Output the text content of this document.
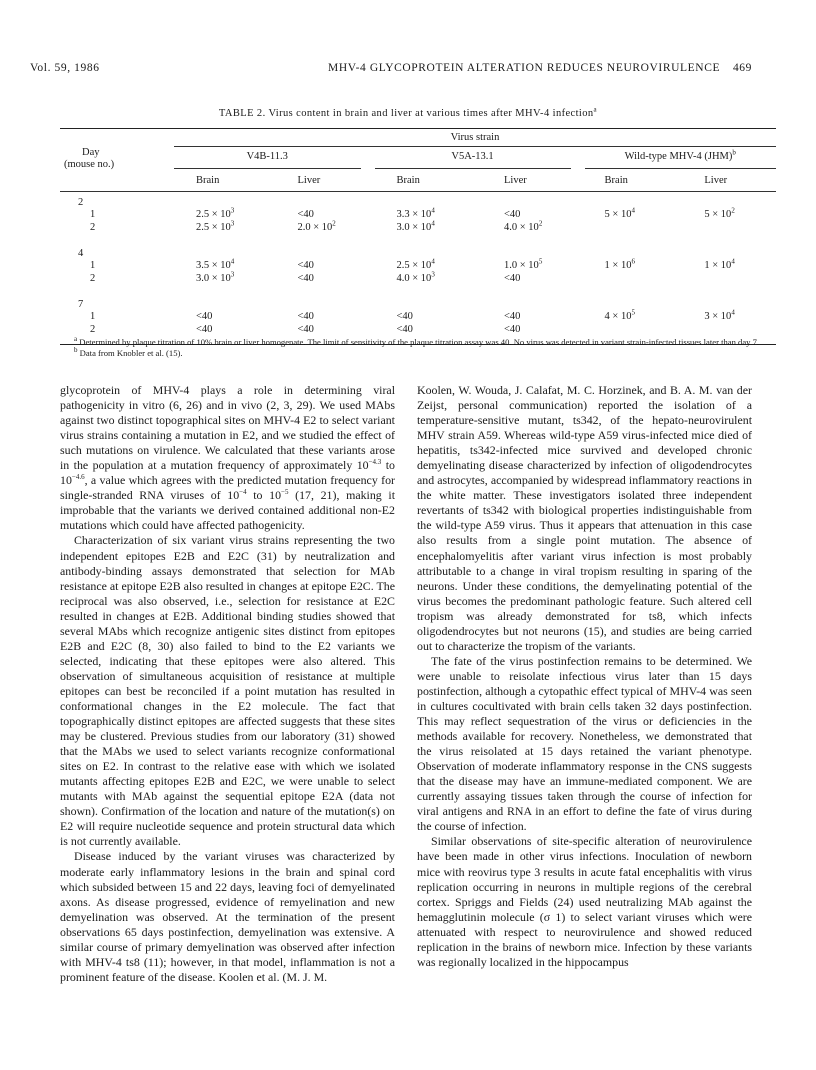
Vol. 59, 1986	MHV-4 GLYCOPROTEIN ALTERATION REDUCES NEUROVIRULENCE 469
TABLE 2. Virus content in brain and liver at various times after MHV-4 infection$^a$
	Virus strain					

Day
(mouse no.)	V4B-11.3		V5A-13.1		Wild-type MHV-4 (JHM)$^b$

	Brain	Liver	Brain	Liver	Brain	Liver
2						
1	$2.5 \times 10^3$	<40	$3.3 \times 10^4$	<40	$5 \times 10^4$	$5 \times 10^2$
2	$2.5 \times 10^3$	$2.0 \times 10^2$	$3.0 \times 10^4$	$4.0 \times 10^2$		
4						
1	$3.5 \times 10^4$	<40	$2.5 \times 10^4$	$1.0 \times 10^5$	$1 \times 10^6$	$1 \times 10^4$
2	$3.0 \times 10^3$	<40	$4.0 \times 10^3$	<40		
7						
1	<40	<40	<40	<40	$4 \times 10^5$	$3 \times 10^4$
2	<40	<40	<40	<40		

$^a$ Determined by plaque titration of 10% brain or liver homogenate. The limit of sensitivity of the plaque titration assay was 40. No virus was detected in variant strain-infected tissues later than day 7.
$^b$ Data from Knobler et al. (15).

glycoprotein of MHV-4 plays a role in determining viral pathogenicity in vitro (6, 26) and in vivo (2, 3, 29). We used MAbs against two distinct topographical sites on MHV-4 E2 to select variant virus strains containing a mutation in E2, and we studied the effect of such mutations on virulence. We calculated that these variants arose in the population at a mutation frequency of approximately $10^{-4.3}$ to $10^{-4.6}$, a value which agrees with the predicted mutation frequency for single-stranded RNA viruses of $10^{-4}$ to $10^{-5}$ (17, 21), making it improbable that the variants we derived contained additional non-E2 mutations which could have affected pathogenicity.

Characterization of six variant virus strains representing the two independent epitopes E2B and E2C (31) by neutralization and antibody-binding assays demonstrated that selection for MAb resistance at epitope E2B also resulted in changes at epitope E2C. The reciprocal was also observed, i.e., selection for resistance at E2C resulted in changes at E2B. Additional binding studies showed that several MAbs which recognize antigenic sites distinct from epitopes E2B and E2C (8, 30) also failed to bind to the E2 variants we selected, indicating that these epitopes were also altered. This observation of simultaneous acquisition of resistance at multiple epitopes can best be reconciled if a point mutation has resulted in conformational changes in the E2 molecule. The fact that topographically distinct epitopes are affected suggests that these sites may be clustered. Previous studies from our laboratory (31) showed that the MAbs we used to select variants recognize conformational sites on E2. In contrast to the relative ease with which we isolated mutants affecting epitopes E2B and E2C, we were unable to select mutants with MAb against the sequential epitope E2A (data not shown). Confirmation of the location and nature of the mutation(s) on E2 will require nucleotide sequence and protein structural data which is not currently available.

Disease induced by the variant viruses was characterized by moderate early inflammatory lesions in the brain and spinal cord which subsided between 15 and 22 days, leaving foci of demyelinated axons. As disease progressed, evidence of remyelination and new demyelination was observed. At the termination of the present observations 65 days postinfection, demyelination was extensive. A similar course of primary demyelination was observed after infection with MHV-4 ts8 (11); however, in that model, inflammation is not a prominent feature of the disease. Koolen et al. (M. J. M.

Koolen, W. Wouda, J. Calafat, M. C. Horzinek, and B. A. M. van der Zeijst, personal communication) reported the isolation of a temperature-sensitive mutant, ts342, of the hepato-neurovirulent MHV strain A59. Whereas wild-type A59 virus-infected mice died of hepatitis, ts342-infected mice survived and developed chronic demyelinating disease characterized by infection of oligodendrocytes and astrocytes, accompanied by widespread inflammatory reactions in the white matter. These investigators isolated three independent revertants of ts342 with biological properties indistinguishable from the wild-type A59 virus. Thus it appears that attenuation in this case also results from a single point mutation. The absence of encephalomyelitis after variant virus infection is most probably attributable to a change in viral tropism resulting in sparing of the neurons. Under these conditions, the demyelinating potential of the virus becomes the predominant pathologic feature. Such altered cell tropism was already demonstrated for ts8, which infects oligodendrocytes but not neurons (15), and studies are being carried out to characterize the tropism of the variants.

The fate of the virus postinfection remains to be determined. We were unable to reisolate infectious virus later than 15 days postinfection, although a cytopathic effect typical of MHV-4 was seen in cultures cocultivated with brain cells taken 32 days postinfection. This may reflect sequestration of the virus or deficiencies in the methods available for recovery. Nonetheless, we demonstrated that the virus reisolated at 15 days retained the variant phenotype. Observation of moderate inflammatory response in the CNS suggests that the disease may have an immune-mediated component. We are currently assaying tissues taken through the course of infection for viral antigens and RNA in an effort to define the fate of virus during the course of infection.

Similar observations of site-specific alteration of neurovirulence have been made in other virus infections. Inoculation of newborn mice with reovirus type 3 results in acute fatal encephalitis with virus replication occurring in neurons in multiple regions of the cerebral cortex. Spriggs and Fields (24) used neutralizing MAb against the hemagglutinin molecule (σ 1) to select variant viruses which were attenuated with respect to neurovirulence and showed reduced replication in the brains of newborn mice. Infection by these variants was regionally localized in the hippocampus
